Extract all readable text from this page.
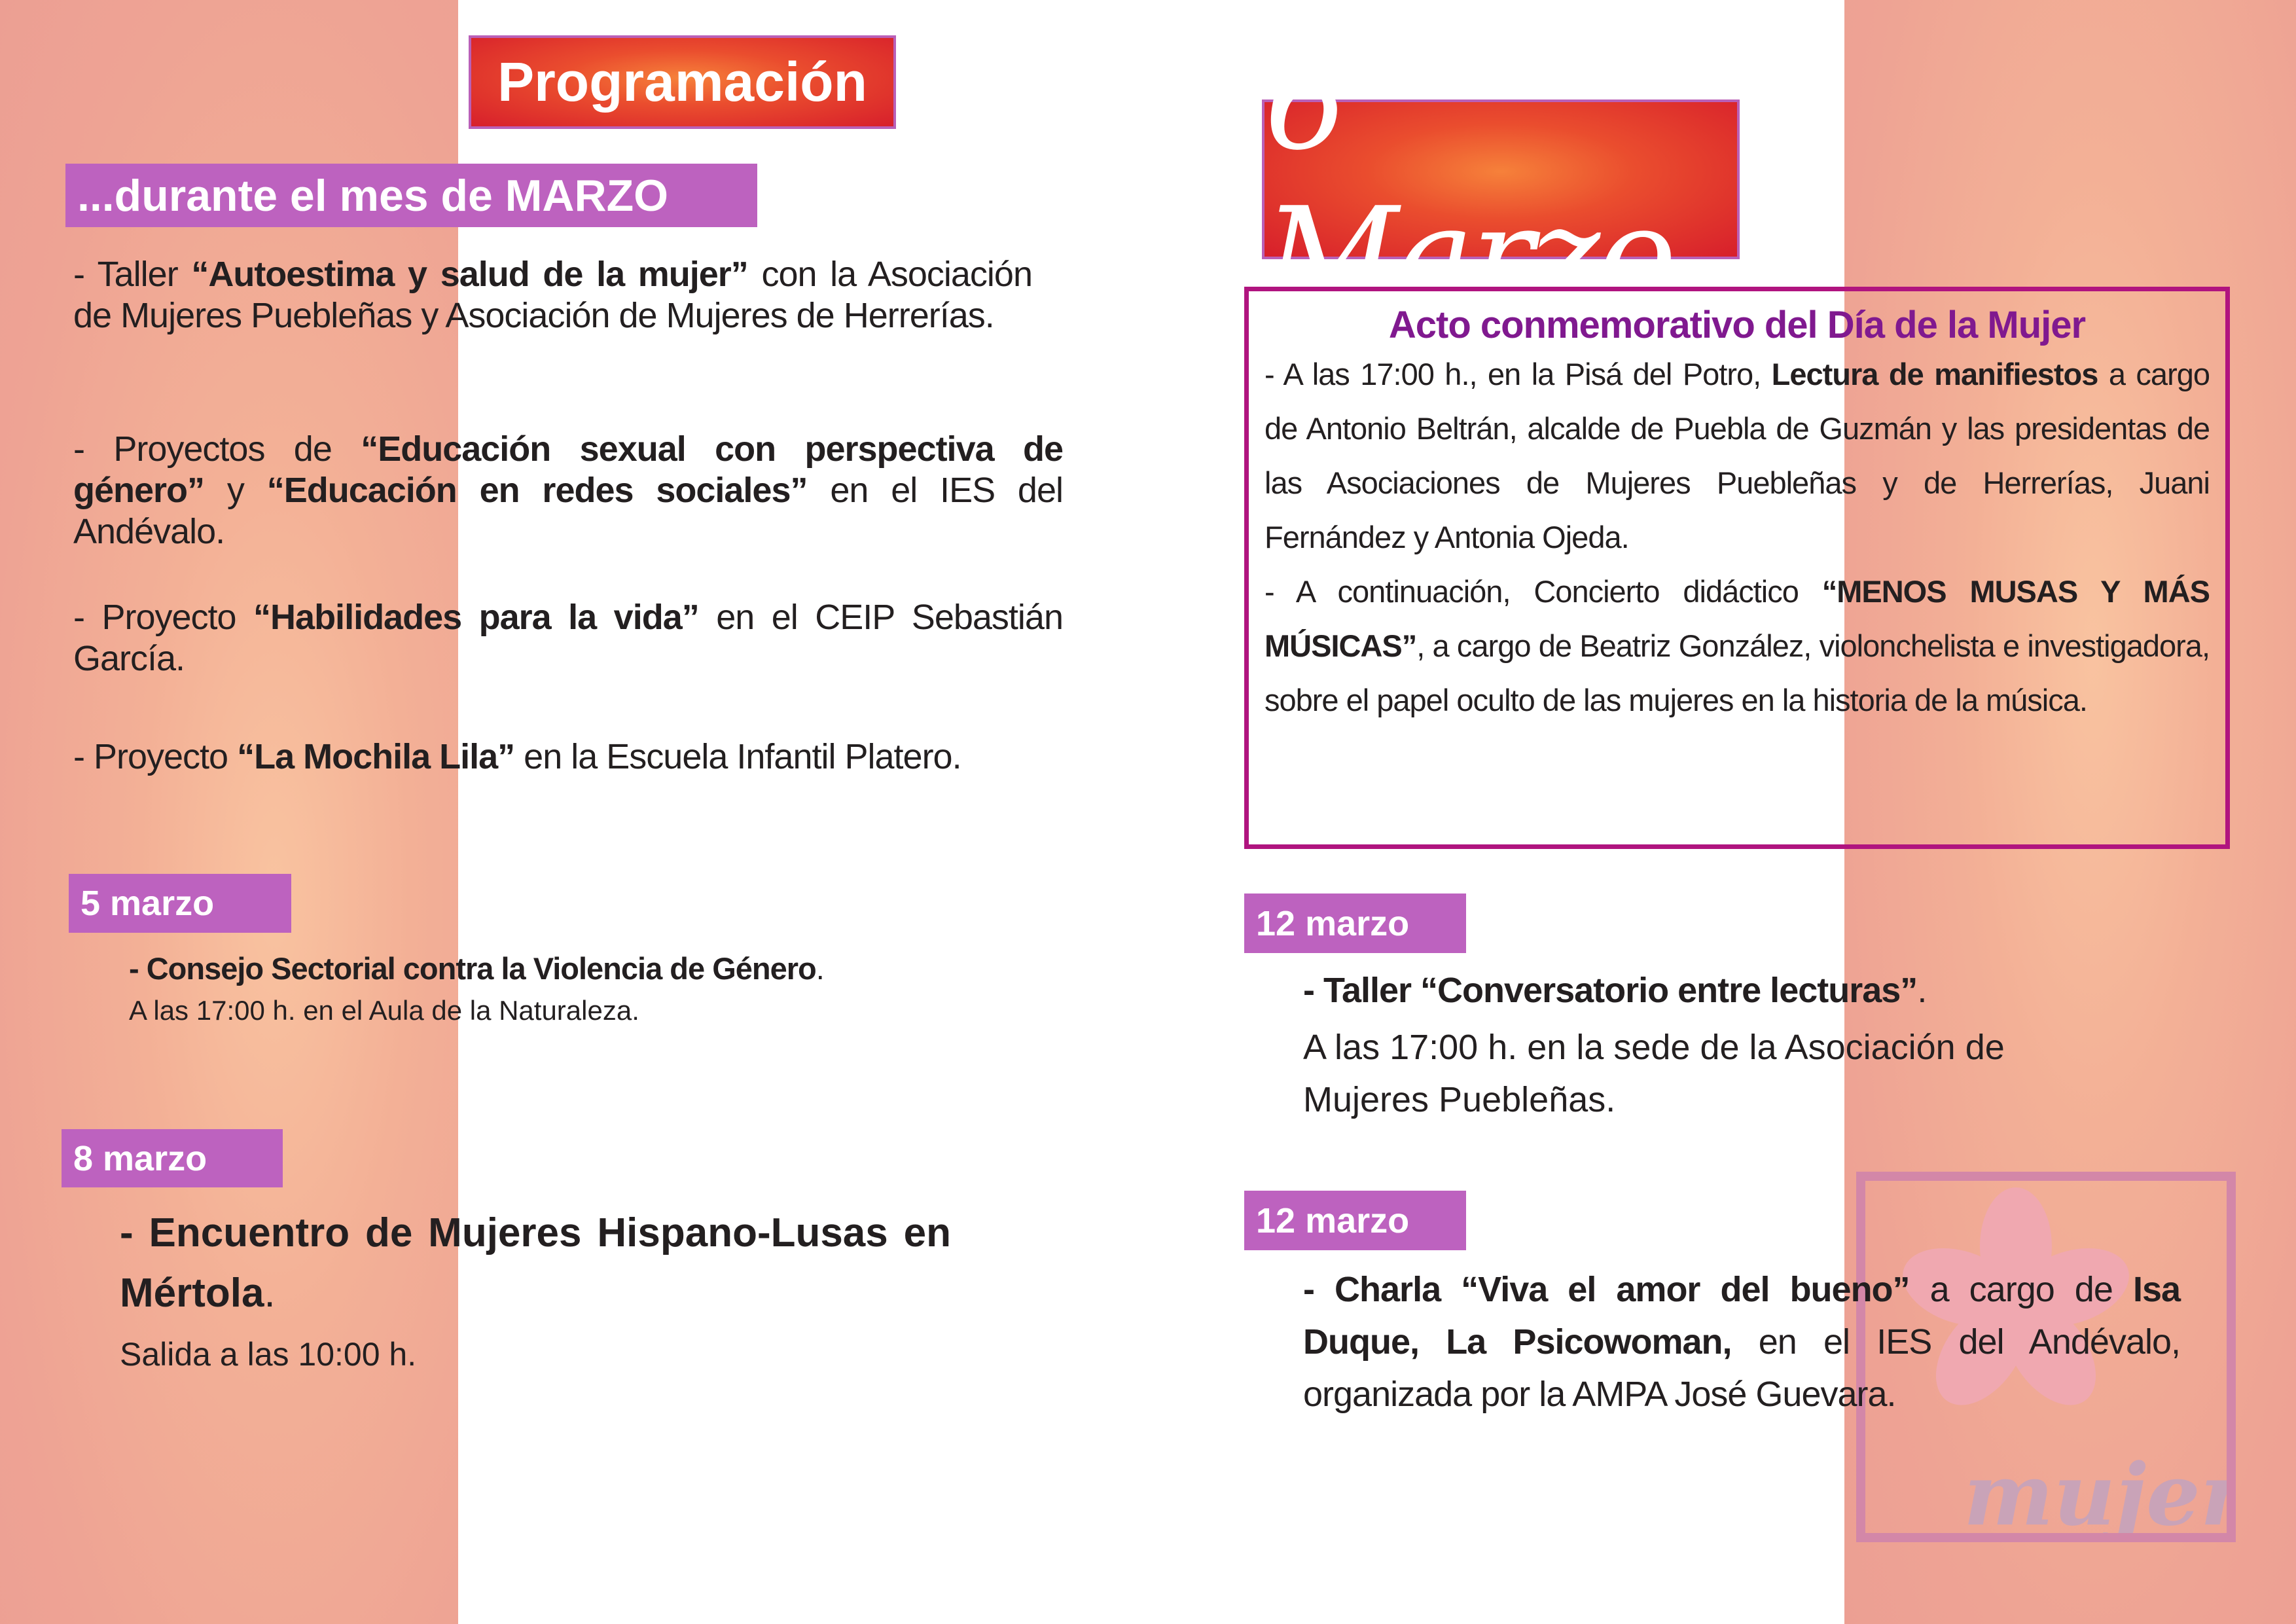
Programación
...durante el mes de MARZO
- Taller “Autoestima y salud de la mujer” con la Asociación de Mujeres Puebleñas y Asociación de Mujeres de Herrerías.
- Proyectos de “Educación sexual con perspectiva de género” y “Educación en redes sociales” en el IES del Andévalo.
- Proyecto “Habilidades para la vida” en el CEIP Sebastián García.
- Proyecto “La Mochila Lila” en la Escuela Infantil Platero.
5 marzo
- Consejo Sectorial contra la Violencia de Género.
A las 17:00 h. en el Aula de la Naturaleza.
8 marzo
- Encuentro de Mujeres Hispano-Lusas en Mértola.
Salida a las 10:00 h.
6 Marzo
Acto conmemorativo del Día de la Mujer
- A las 17:00 h., en la Pisá del Potro, Lectura de manifiestos a cargo de Antonio Beltrán, alcalde de Puebla de Guzmán y las presidentas de las Asociaciones de Mujeres Puebleñas y de Herrerías, Juani Fernández y Antonia Ojeda.
- A continuación, Concierto didáctico “MENOS MUSAS Y MÁS MÚSICAS”, a cargo de Beatriz González, violonchelista e investigadora, sobre el papel oculto de las mujeres en la historia de la música.
12 marzo
- Taller “Conversatorio entre lecturas”.
A las 17:00 h. en la sede de la Asociación de Mujeres Puebleñas.
mujer
12 marzo
- Charla “Viva el amor del bueno” a cargo de Isa Duque, La Psicowoman, en el IES del Andévalo, organizada por la AMPA José Guevara.
